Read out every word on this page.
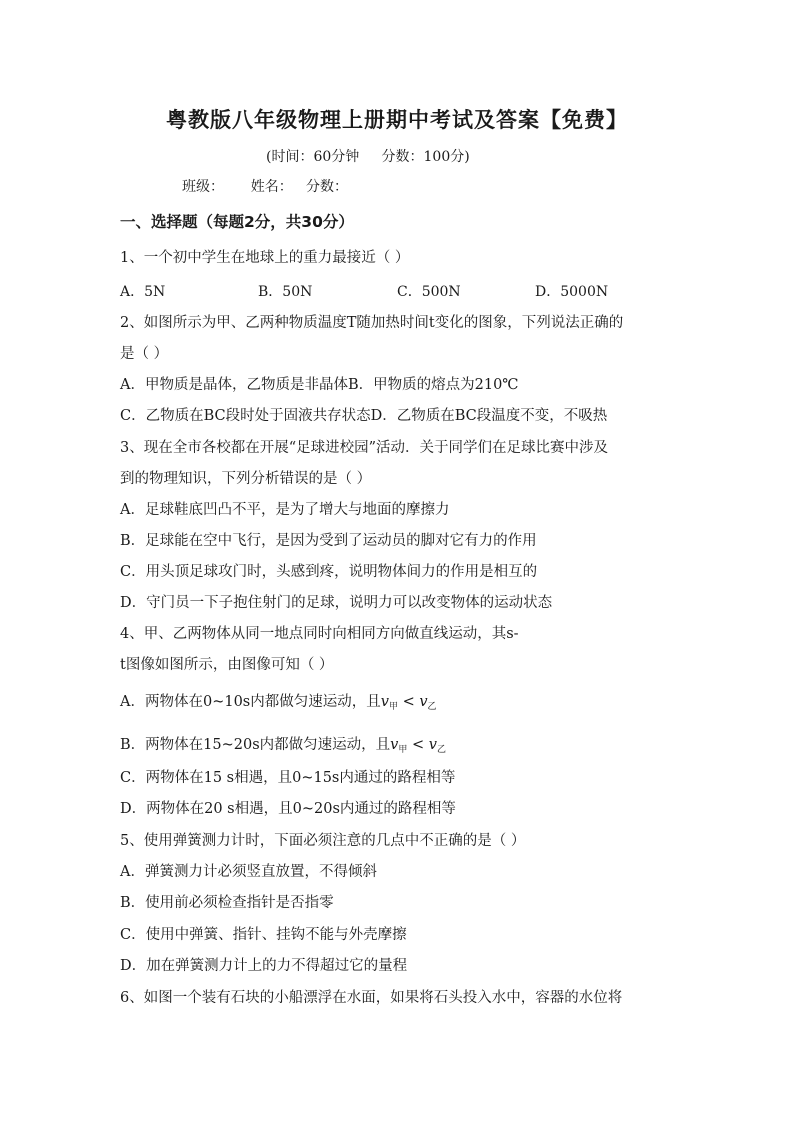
粤教版八年级物理上册期中考试及答案【免费】
(时间：60分钟     分数：100分)
班级：      姓名：   分数：
一、选择题（每题2分，共30分）
1、一个初中学生在地球上的重力最接近（ ）
A．5N	B．50N	C．500N	D．5000N
2、如图所示为甲、乙两种物质温度T随加热时间t变化的图象，下列说法正确的
是（ ）
A．甲物质是晶体，乙物质是非晶体B．甲物质的熔点为210℃
C．乙物质在BC段时处于固液共存状态D．乙物质在BC段温度不变，不吸热
3、现在全市各校都在开展“足球进校园”活动．关于同学们在足球比赛中涉及
到的物理知识，下列分析错误的是（ ）
A．足球鞋底凹凸不平，是为了增大与地面的摩擦力
B．足球能在空中飞行，是因为受到了运动员的脚对它有力的作用
C．用头顶足球攻门时，头感到疼，说明物体间力的作用是相互的
D．守门员一下子抱住射门的足球，说明力可以改变物体的运动状态
4、甲、乙两物体从同一地点同时向相同方向做直线运动，其s-
t图像如图所示，由图像可知（ ）
A．两物体在0~10s内都做匀速运动，且$v_甲 < v_乙$
B．两物体在15~20s内都做匀速运动，且$v_甲 < v_乙$
C．两物体在15 s相遇，且0~15s内通过的路程相等
D．两物体在20 s相遇，且0~20s内通过的路程相等
5、使用弹簧测力计时，下面必须注意的几点中不正确的是（ ）
A．弹簧测力计必须竖直放置，不得倾斜
B．使用前必须检查指针是否指零
C．使用中弹簧、指针、挂钩不能与外壳摩擦
D．加在弹簧测力计上的力不得超过它的量程
6、如图一个装有石块的小船漂浮在水面，如果将石头投入水中，容器的水位将
